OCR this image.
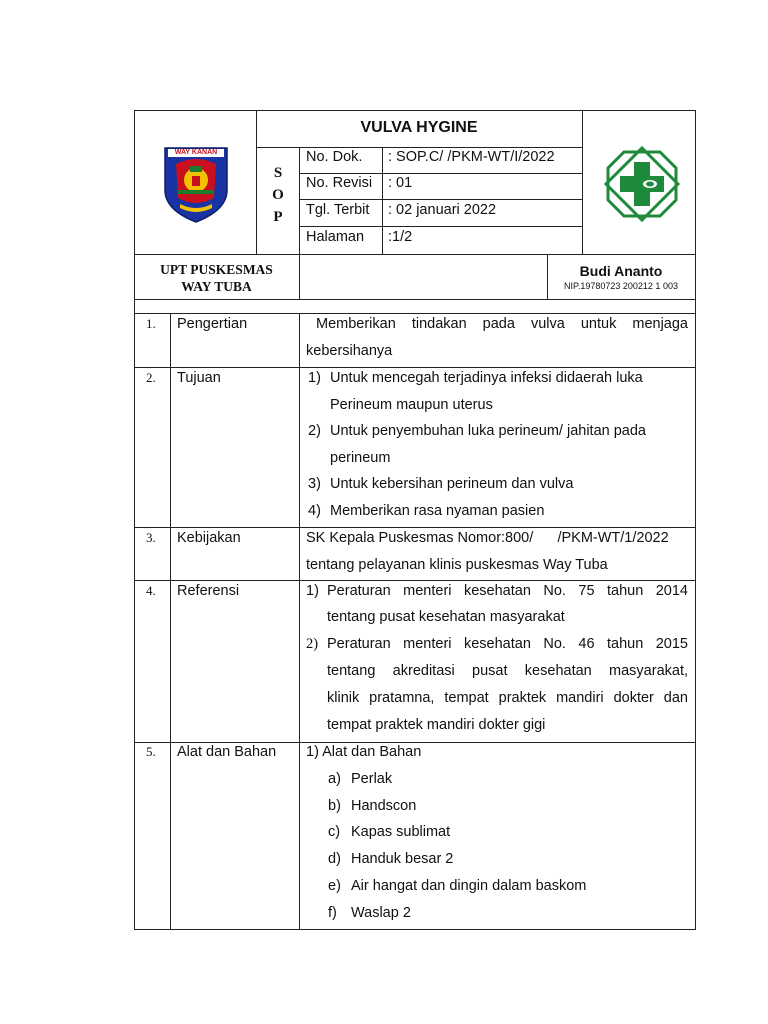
WAY KANAN
VULVA HYGINE
S
O
P
No. Dok. : SOP.C/ /PKM-WT/I/2022
No. Revisi : 01
Tgl. Terbit : 02 januari 2022
Halaman :1/2
UPT PUSKESMAS
WAY TUBA
Budi Ananto
NIP.19780723 200212 1 003
1. Pengertian	Memberikan tindakan pada vulva untuk menjaga
kebersihanya
2. Tujuan	1) Untuk mencegah terjadinya infeksi didaerah luka
Perineum maupun uterus
2) Untuk penyembuhan luka perineum/ jahitan pada
perineum
3) Untuk kebersihan perineum dan vulva
4) Memberikan rasa nyaman pasien
3. Kebijakan	SK Kepala Puskesmas Nomor:800/      /PKM-WT/1/2022
tentang pelayanan klinis puskesmas Way Tuba
4. Referensi	1) Peraturan menteri kesehatan No. 75 tahun 2014
tentang pusat kesehatan masyarakat
2) Peraturan menteri kesehatan No. 46 tahun 2015
tentang akreditasi pusat kesehatan masyarakat,
klinik pratamna, tempat praktek mandiri dokter dan
tempat praktek mandiri dokter gigi
5. Alat dan Bahan 1) Alat dan Bahan
a) Perlak
b) Handscon
c) Kapas sublimat
d) Handuk besar 2
e) Air hangat dan dingin dalam baskom
f) Waslap 2
